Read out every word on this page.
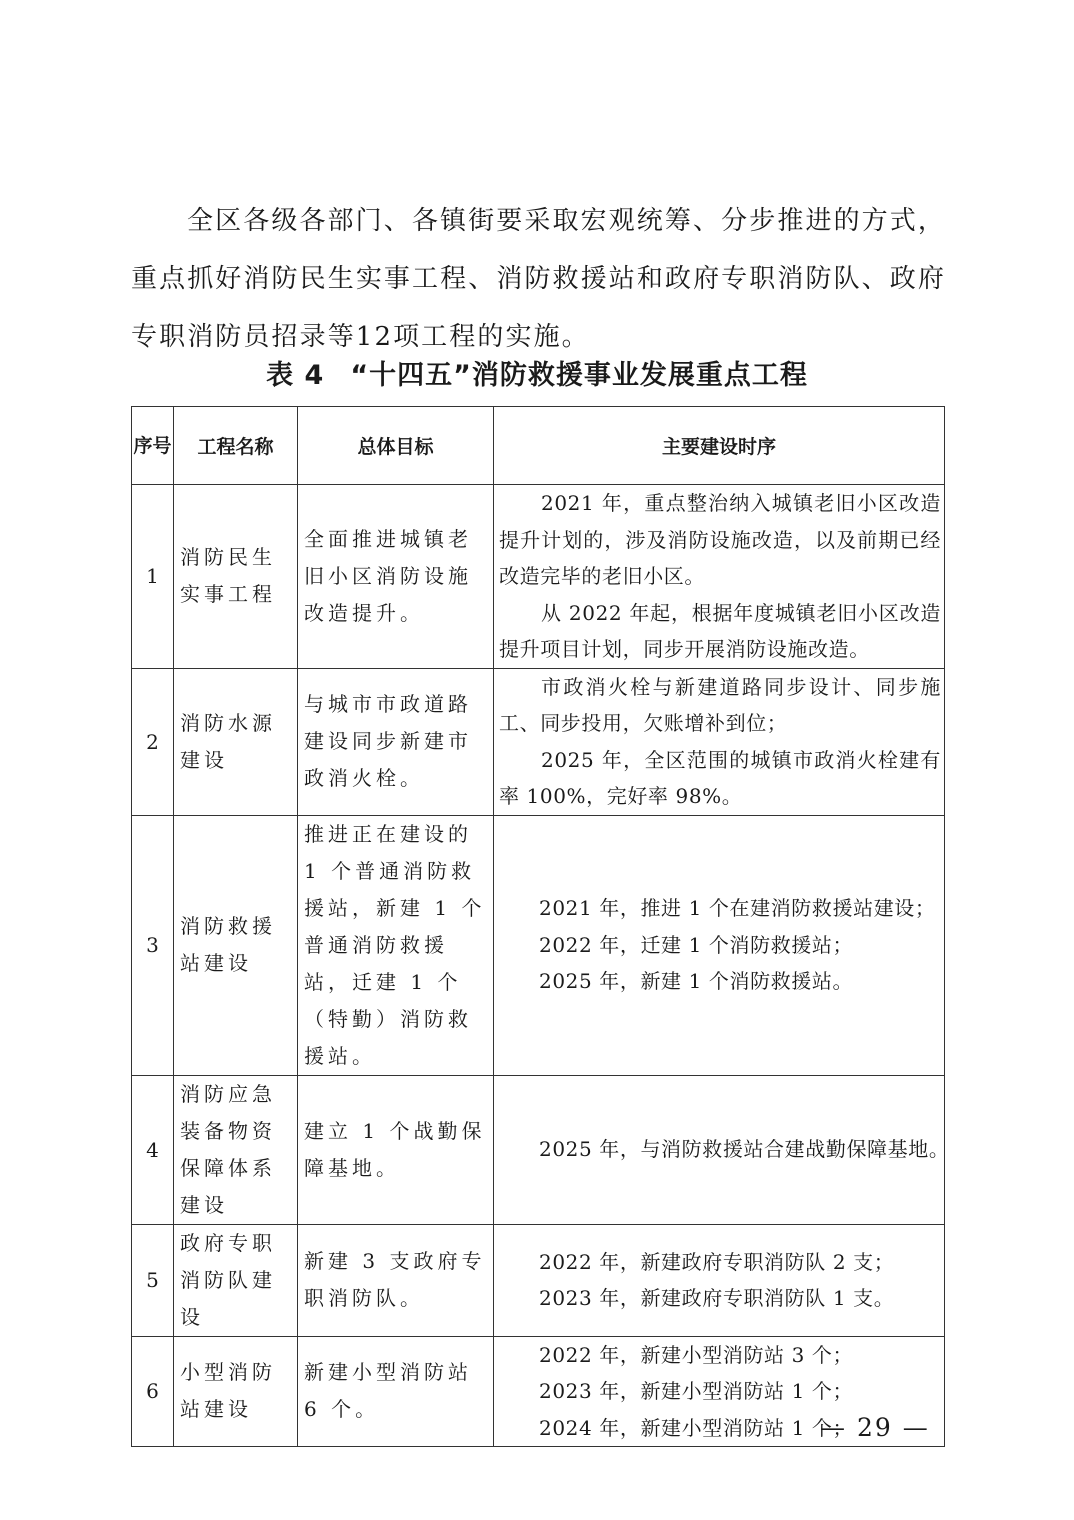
全区各级各部门、各镇街要采取宏观统筹、分步推进的方式，重点抓好消防民生实事工程、消防救援站和政府专职消防队、政府专职消防员招录等12项工程的实施。

表 4 “十四五”消防救援事业发展重点工程
序号	工程名称	总体目标	主要建设时序
1	消防民生实事工程	全面推进城镇老旧小区消防设施改造提升。	2021 年，重点整治纳入城镇老旧小区改造提升计划的，涉及消防设施改造，以及前期已经改造完毕的老旧小区。
从 2022 年起，根据年度城镇老旧小区改造提升项目计划，同步开展消防设施改造。

2	消防水源建设	与城市市政道路建设同步新建市政消火栓。	市政消火栓与新建道路同步设计、同步施工、同步投用，欠账增补到位；
2025 年，全区范围的城镇市政消火栓建有率 100%，完好率 98%。

3	消防救援站建设	推进正在建设的 1 个普通消防救援站，新建 1 个普通消防救援站，迁建 1 个（特勤）消防救援站。	2021 年，推进 1 个在建消防救援站建设；
2022 年，迁建 1 个消防救援站；
2025 年，新建 1 个消防救援站。

4	消防应急装备物资保障体系建设	建立 1 个战勤保障基地。	2025 年，与消防救援站合建战勤保障基地。

5	政府专职消防队建设	新建 3 支政府专职消防队。	2022 年，新建政府专职消防队 2 支；
2023 年，新建政府专职消防队 1 支。

6	小型消防站建设	新建小型消防站 6 个。	2022 年，新建小型消防站 3 个；
2023 年，新建小型消防站 1 个；
2024 年，新建小型消防站 1 个；
— 29 —
